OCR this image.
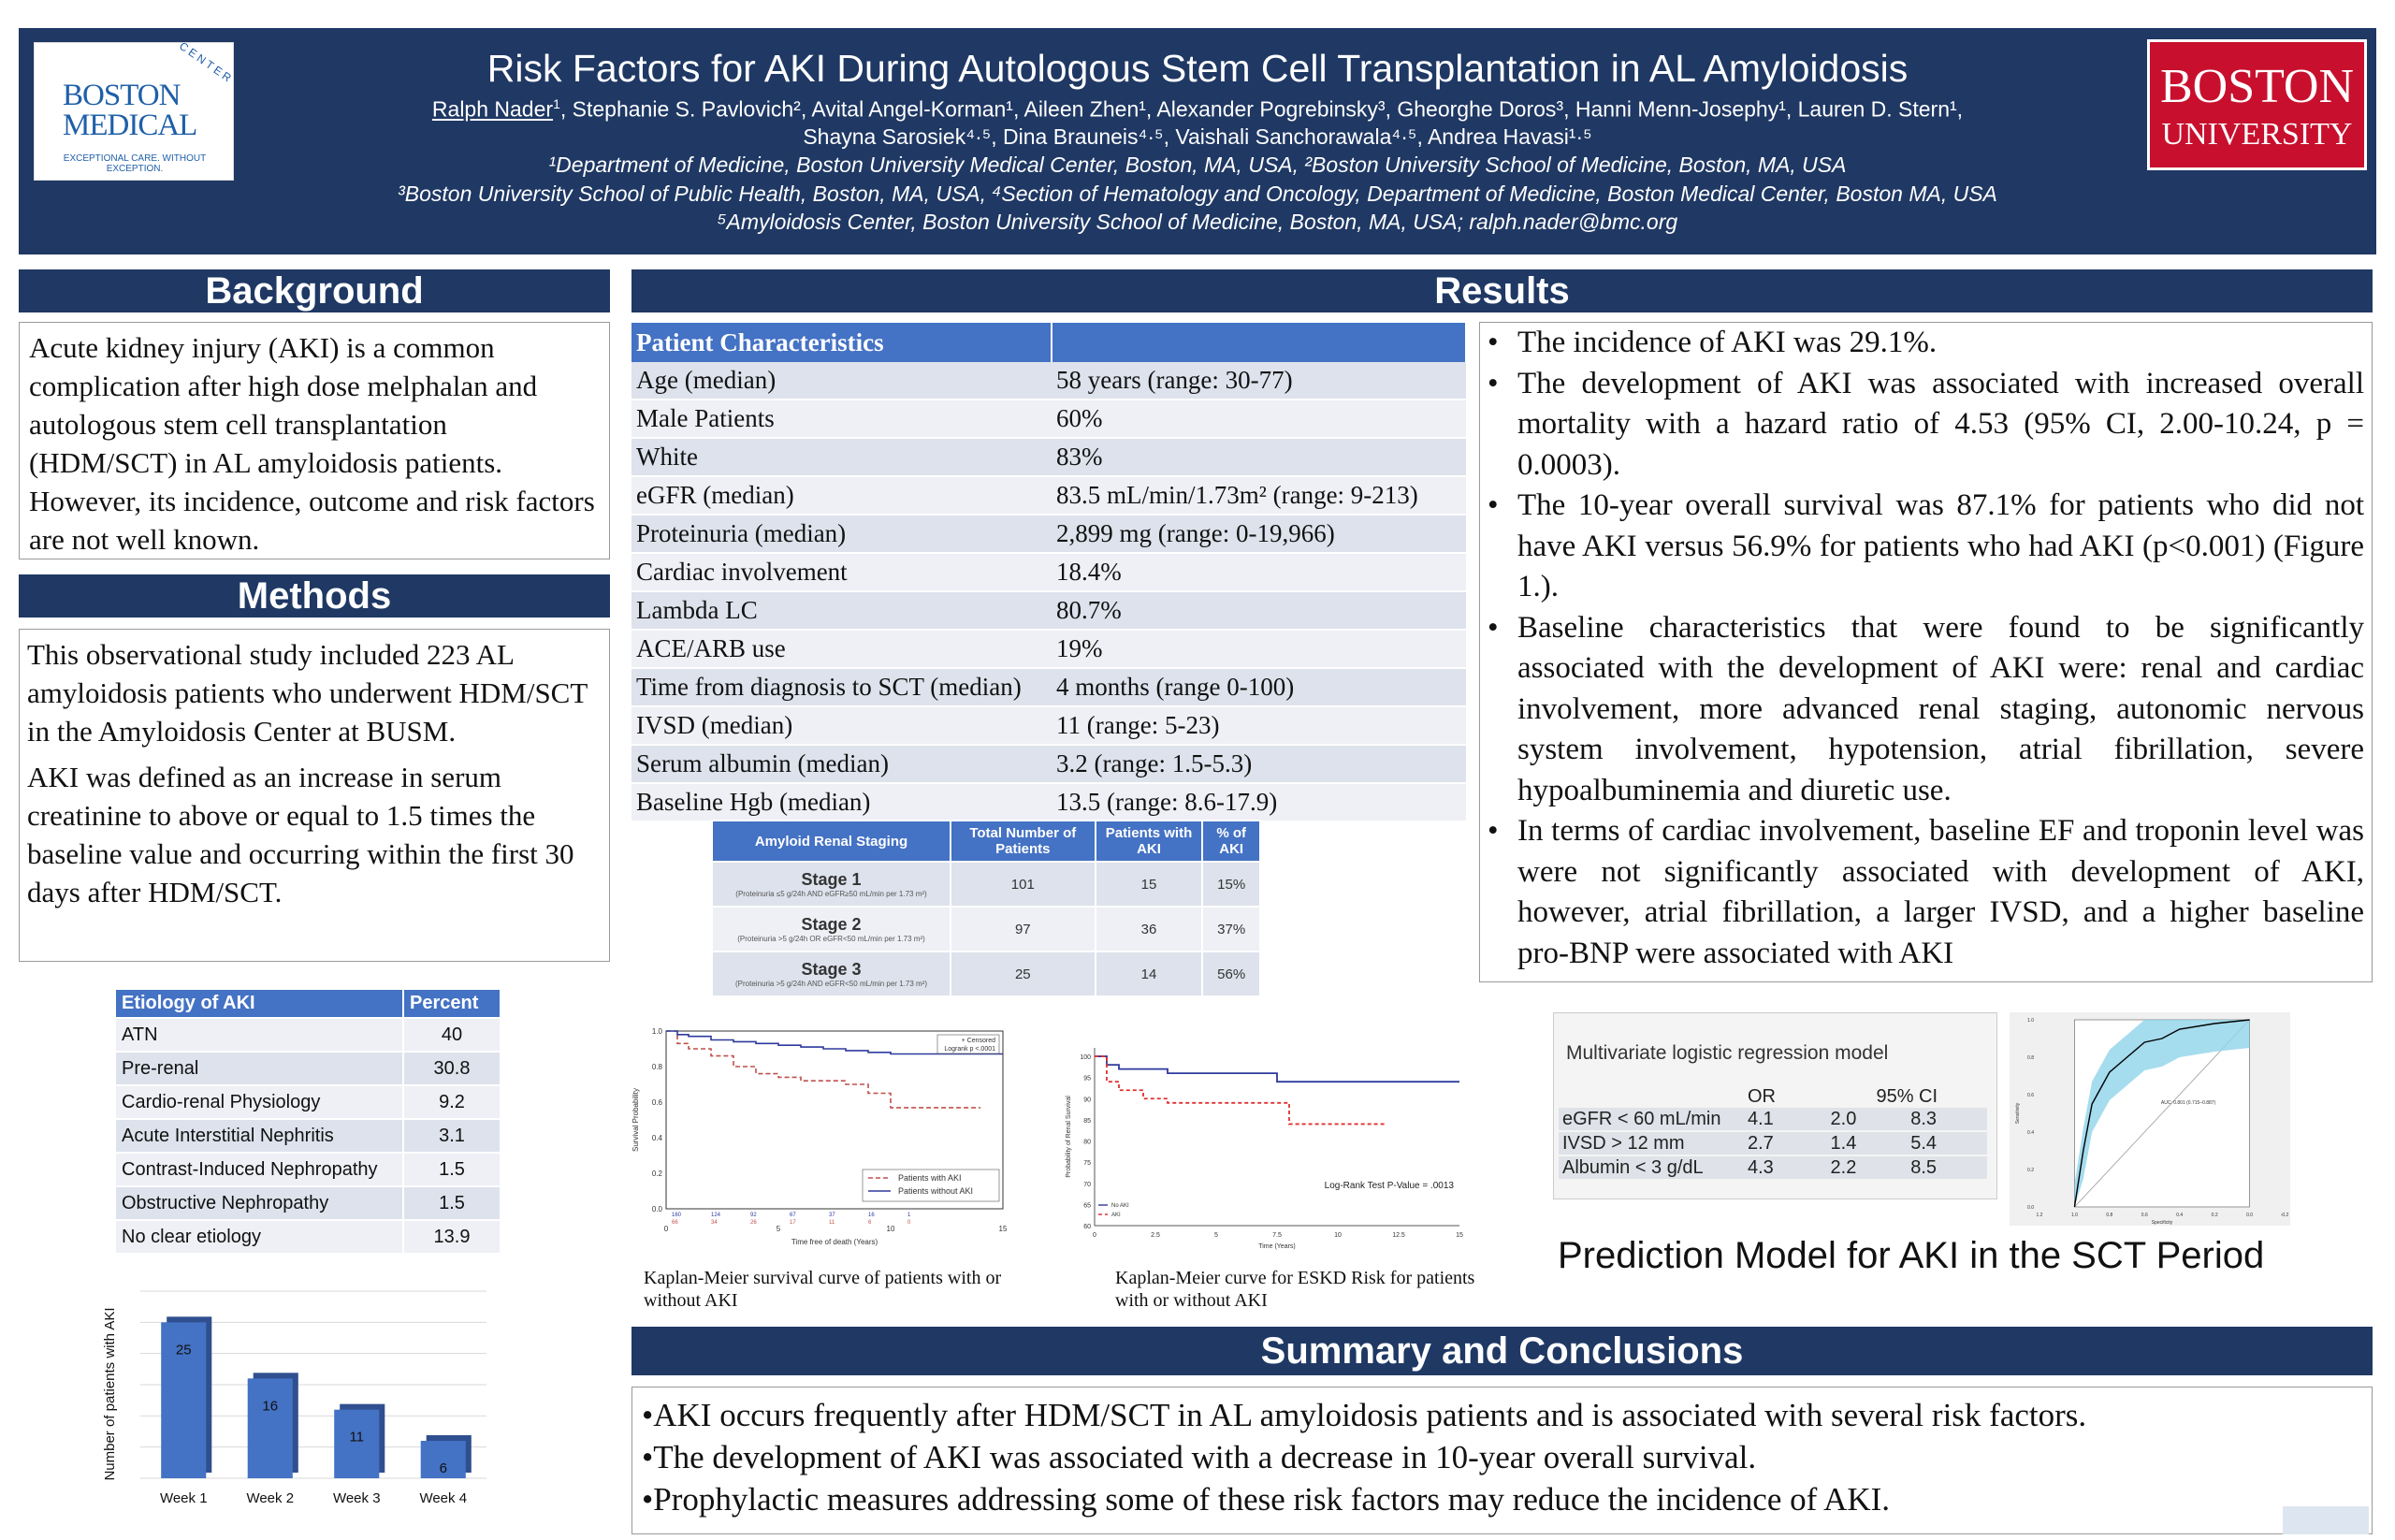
BOSTON
MEDICAL
CENTER
EXCEPTIONAL CARE. WITHOUT EXCEPTION.
BOSTON
UNIVERSITY
Risk Factors for AKI During Autologous Stem Cell Transplantation in AL Amyloidosis
Ralph Nader$^1$, Stephanie S. Pavlovich², Avital Angel-Korman¹, Aileen Zhen¹, Alexander Pogrebinsky³, Gheorghe Doros³, Hanni Menn-Josephy¹, Lauren D. Stern¹,
Shayna Sarosiek⁴·⁵, Dina Brauneis⁴·⁵, Vaishali Sanchorawala⁴·⁵, Andrea Havasi¹·⁵
¹Department of Medicine, Boston University Medical Center, Boston, MA, USA, ²Boston University School of Medicine, Boston, MA, USA
³Boston University School of Public Health, Boston, MA, USA, ⁴Section of Hematology and Oncology, Department of Medicine, Boston Medical Center, Boston MA, USA
⁵Amyloidosis Center, Boston University School of Medicine, Boston, MA, USA; ralph.nader@bmc.org
Background
Acute kidney injury (AKI) is a common complication after high dose melphalan and autologous stem cell transplantation (HDM/SCT) in AL amyloidosis patients. However, its incidence, outcome and risk factors are not well known.
Methods
This observational study included 223 AL amyloidosis patients who underwent HDM/SCT in the Amyloidosis Center at BUSM.
AKI was defined as an increase in serum creatinine to above or equal to 1.5 times the baseline value and occurring within the first 30 days after HDM/SCT.
Etiology of AKI	Percent
ATN	40
Pre-renal	30.8
Cardio-renal Physiology	9.2
Acute Interstitial Nephritis	3.1
Contrast-Induced Nephropathy	1.5
Obstructive Nephropathy	1.5
No clear etiology	13.9
25
Week 1
16
Week 2
11
Week 3
6
Week 4
Number of patients with AKI
Results
Patient Characteristics	
Age (median)	58 years (range: 30-77)
Male Patients	60%
White	83%
eGFR (median)	83.5 mL/min/1.73m² (range: 9-213)
Proteinuria (median)	2,899 mg (range: 0-19,966)
Cardiac involvement	18.4%
Lambda LC	80.7%
ACE/ARB use	19%
Time from diagnosis to SCT (median)	4 months (range 0-100)
IVSD (median)	11 (range: 5-23)
Serum albumin (median)	3.2 (range: 1.5-5.3)
Baseline Hgb (median)	13.5 (range: 8.6-17.9)
Amyloid Renal Staging	Total Number of Patients	Patients with AKI	% of AKI

Stage 1
(Proteinuria ≤5 g/24h AND eGFR≥50 mL/min per 1.73 m²)	101	15	15%

Stage 2
(Proteinuria >5 g/24h OR eGFR<50 mL/min per 1.73 m²)	97	36	37%

Stage 3
(Proteinuria >5 g/24h AND eGFR<50 mL/min per 1.73 m²)	25	14	56%
0.0
0.2
0.4
0.6
0.8
1.0
0	5	10	15
160	124	92	67	37	16	1
66	34	26	17	11	6	0
Time free of death (Years)
Survival Probability
+ Censored
Logrank p <.0001
Patients with AKI
Patients without AKI
Kaplan-Meier survival curve of patients with or without AKI
60
65
70
75
80
85
90
95
100
0	2.5	5	7.5	10	12.5	15
Time (Years)
Probability of Renal Survival
Log-Rank Test P-Value = .0013
No AKI
AKI
Kaplan-Meier curve for ESKD Risk for patients with or without AKI
• The incidence of AKI was 29.1%.
• The development of AKI was associated with increased overall mortality with a hazard ratio of 4.53 (95% CI, 2.00-10.24, p = 0.0003).
• The 10-year overall survival was 87.1% for patients who did not have AKI versus 56.9% for patients who had AKI (p<0.001) (Figure 1.).
• Baseline characteristics that were found to be significantly associated with the development of AKI were: renal and cardiac involvement, more advanced renal staging, autonomic nervous system involvement, hypotension, atrial fibrillation, severe hypoalbuminemia and diuretic use.
• In terms of cardiac involvement, baseline EF and troponin level was were not significantly associated with development of AKI, however, atrial fibrillation, a larger IVSD, and a higher baseline pro-BNP were associated with AKI
Multivariate logistic regression model
	OR	95% CI	
eGFR < 60 mL/min	4.1	2.0	8.3
IVSD > 12 mm	2.7	1.4	5.4
Albumin < 3 g/dL	4.3	2.2	8.5
0.0
0.2
0.4
0.6
0.8
1.0
1.2	1.0	0.8	0.6	0.4	0.2	0.0	-0.2
Specificity
Sensitivity	AUC: 0.801 (0.715–0.887)
Prediction Model for AKI in the SCT Period
Summary and Conclusions
•AKI occurs frequently after HDM/SCT in AL amyloidosis patients and is associated with several risk factors.
•The development of AKI was associated with a decrease in 10-year overall survival.
•Prophylactic measures addressing some of these risk factors may reduce the incidence of AKI.
